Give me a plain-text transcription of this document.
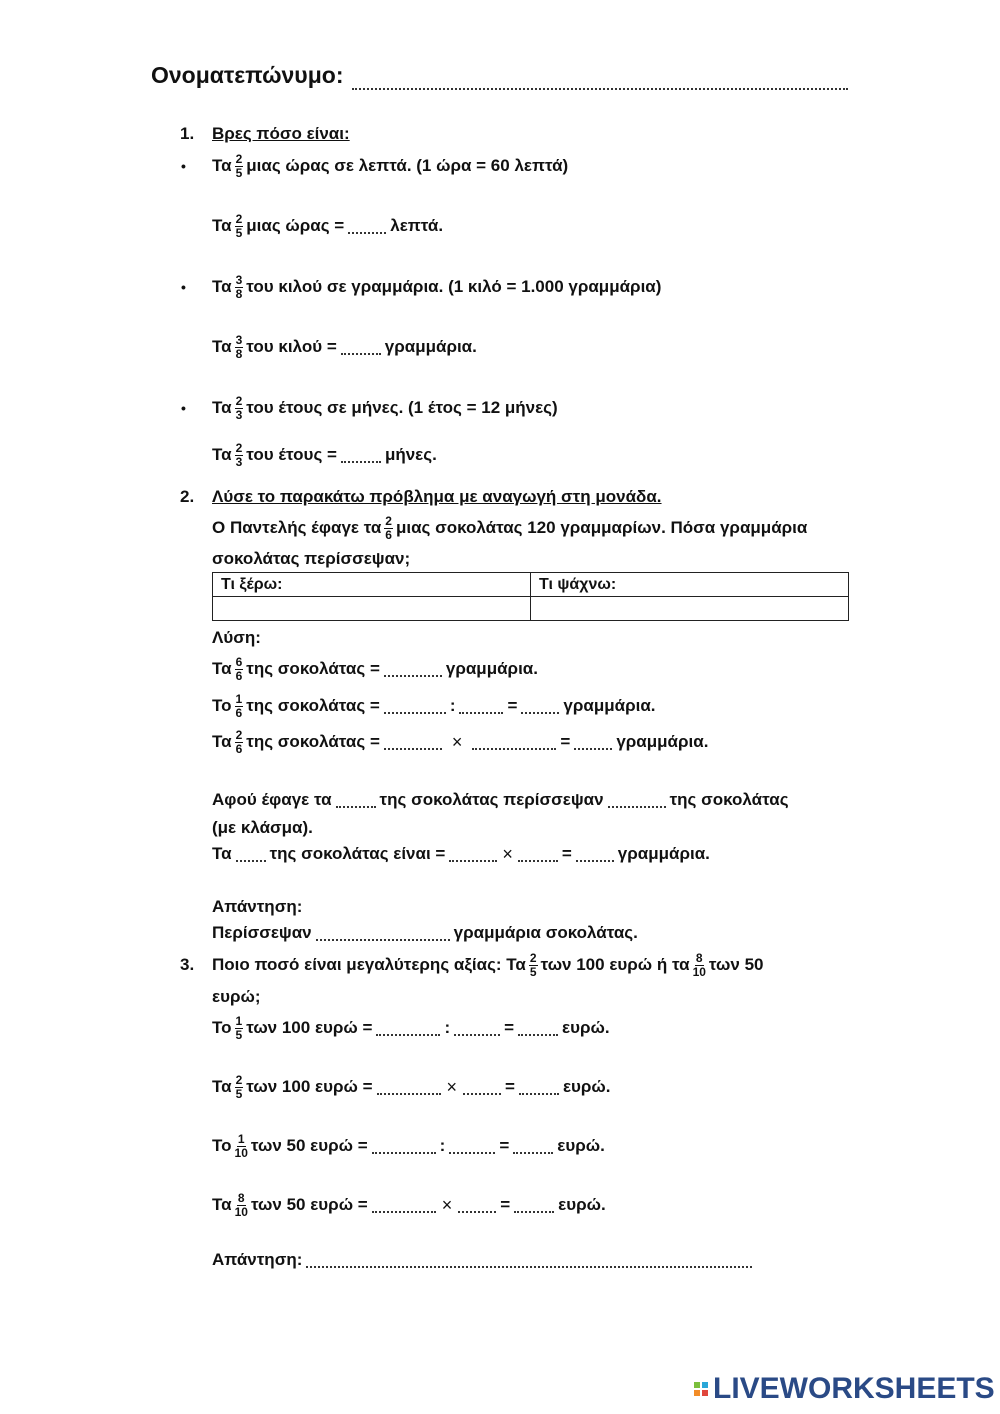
Ονοματεπώνυμο:
1. Βρες πόσο είναι:
• Τα $\frac{2}{5}$ μιας ώρας σε λεπτά. (1 ώρα = 60 λεπτά)
Τα $\frac{2}{5}$ μιας ώρας =	λεπτά.
• Τα $\frac{3}{8}$ του κιλού σε γραμμάρια. (1 κιλό = 1.000 γραμμάρια)
Τα $\frac{3}{8}$ του κιλού =	γραμμάρια.
• Τα $\frac{2}{3}$ του έτους σε μήνες. (1 έτος = 12 μήνες)
Τα $\frac{2}{3}$ του έτους =	μήνες.
2. Λύσε το παρακάτω πρόβλημα με αναγωγή στη μονάδα.
Ο Παντελής έφαγε τα $\frac{2}{6}$ μιας σοκολάτας 120 γραμμαρίων. Πόσα γραμμάρια
σοκολάτας περίσσεψαν;
Τι ξέρω:	Τι ψάχνω:

Λύση:
Τα $\frac{6}{6}$ της σοκολάτας =	γραμμάρια.
Το $\frac{1}{6}$ της σοκολάτας =	:	=	γραμμάρια.
Τα $\frac{2}{6}$ της σοκολάτας =	×	=	γραμμάρια.
Αφού έφαγε τα	της σοκολάτας περίσσεψαν	της σοκολάτας
(με κλάσμα).
Τα της σοκολάτας είναι =	×	=	γραμμάρια.
Απάντηση:
Περίσσεψαν	γραμμάρια σοκολάτας.
3. Ποιο ποσό είναι μεγαλύτερης αξίας: Τα $\frac{2}{5}$ των 100 ευρώ ή τα $\frac{8}{10}$ των 50
ευρώ;
Το $\frac{1}{5}$ των 100 ευρώ =	:	=	ευρώ.
Τα $\frac{2}{5}$ των 100 ευρώ =	×	=	ευρώ.
Το $\frac{1}{10}$ των 50 ευρώ =	:	=	ευρώ.
Τα $\frac{8}{10}$ των 50 ευρώ =	×	=	ευρώ.
Απάντηση:
LIVEWORKSHEETS
